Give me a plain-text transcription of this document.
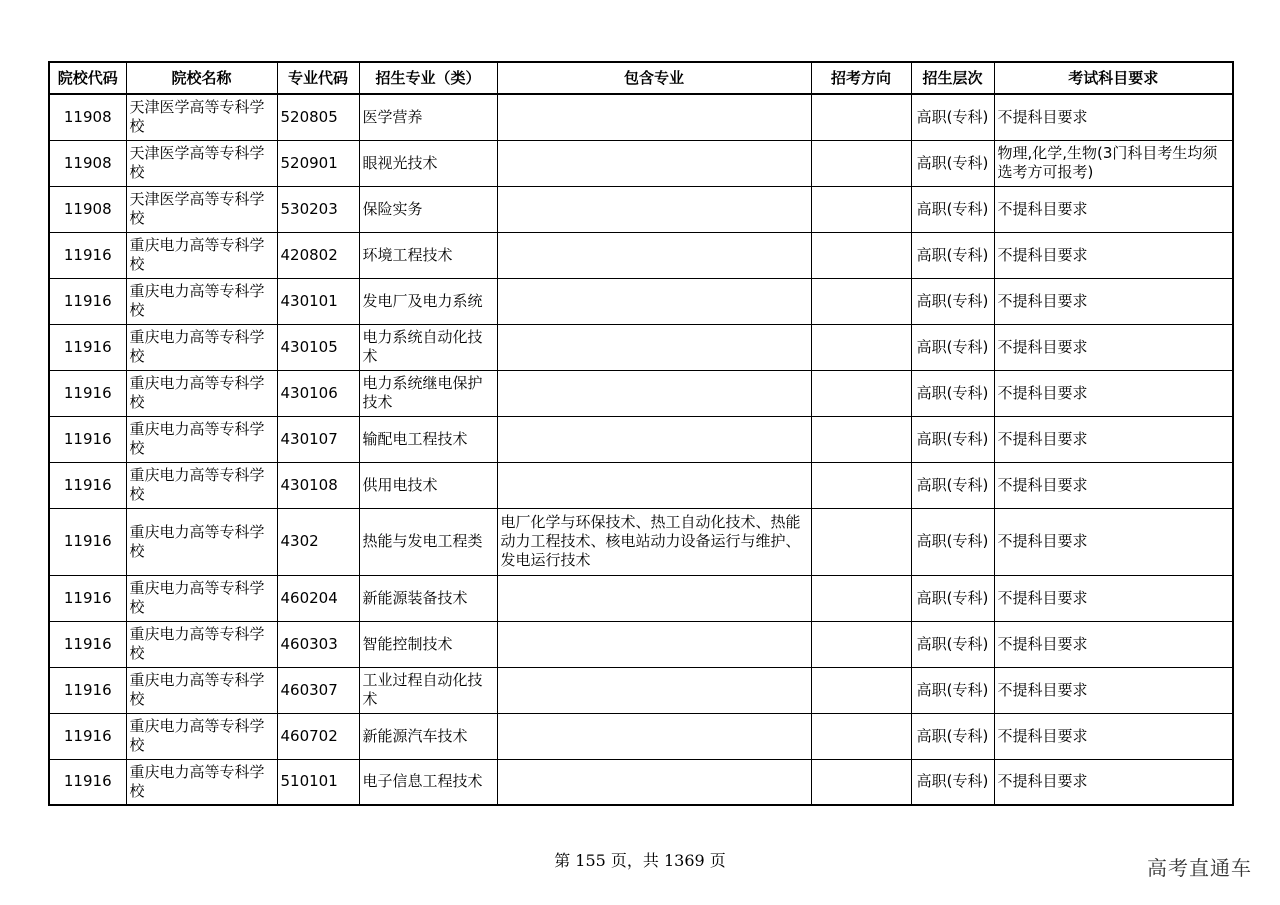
院校代码	院校名称	专业代码	招生专业（类）	包含专业	招考方向	招生层次	考试科目要求
11908	天津医学高等专科学校	520805	医学营养			高职(专科)	不提科目要求
11908	天津医学高等专科学校	520901	眼视光技术			高职(专科)	物理,化学,生物(3门科目考生均须选考方可报考)
11908	天津医学高等专科学校	530203	保险实务			高职(专科)	不提科目要求
11916	重庆电力高等专科学校	420802	环境工程技术			高职(专科)	不提科目要求
11916	重庆电力高等专科学校	430101	发电厂及电力系统			高职(专科)	不提科目要求
11916	重庆电力高等专科学校	430105	电力系统自动化技术			高职(专科)	不提科目要求
11916	重庆电力高等专科学校	430106	电力系统继电保护技术			高职(专科)	不提科目要求
11916	重庆电力高等专科学校	430107	输配电工程技术			高职(专科)	不提科目要求
11916	重庆电力高等专科学校	430108	供用电技术			高职(专科)	不提科目要求
11916	重庆电力高等专科学校	4302	热能与发电工程类	电厂化学与环保技术、热工自动化技术、热能动力工程技术、核电站动力设备运行与维护、发电运行技术		高职(专科)	不提科目要求
11916	重庆电力高等专科学校	460204	新能源装备技术			高职(专科)	不提科目要求
11916	重庆电力高等专科学校	460303	智能控制技术			高职(专科)	不提科目要求
11916	重庆电力高等专科学校	460307	工业过程自动化技术			高职(专科)	不提科目要求
11916	重庆电力高等专科学校	460702	新能源汽车技术			高职(专科)	不提科目要求
11916	重庆电力高等专科学校	510101	电子信息工程技术			高职(专科)	不提科目要求
第 155 页，共 1369 页	高考直通车
